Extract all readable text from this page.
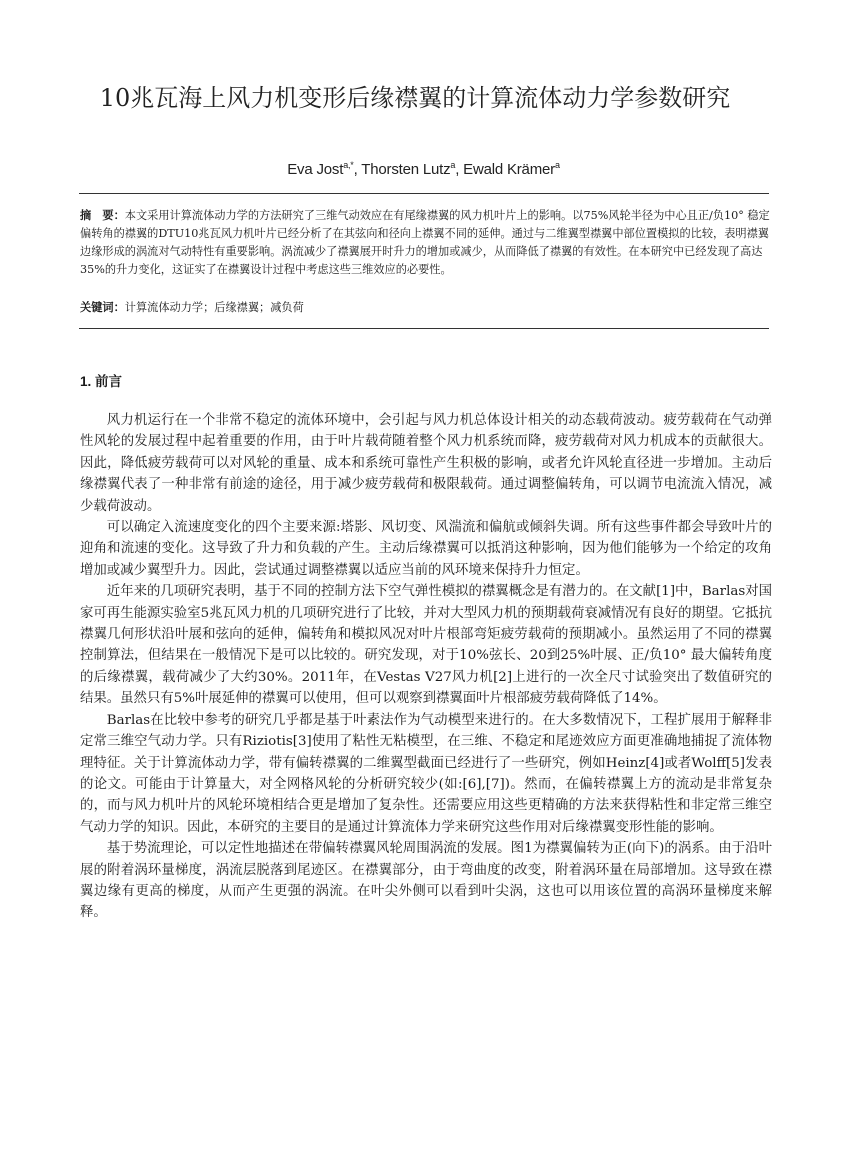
10兆瓦海上风力机变形后缘襟翼的计算流体动力学参数研究
Eva Jost$^{a,*}$, Thorsten Lutz$^a$, Ewald Krämer$^a$
摘　要：本文采用计算流体动力学的方法研究了三维气动效应在有尾缘襟翼的风力机叶片上的影响。以75%风轮半径为中心且正/负10° 稳定偏转角的襟翼的DTU10兆瓦风力机叶片已经分析了在其弦向和径向上襟翼不同的延伸。通过与二维翼型襟翼中部位置模拟的比较，表明襟翼边缘形成的涡流对气动特性有重要影响。涡流减少了襟翼展开时升力的增加或减少，从而降低了襟翼的有效性。在本研究中已经发现了高达35%的升力变化，这证实了在襟翼设计过程中考虑这些三维效应的必要性。
关键词：计算流体动力学；后缘襟翼；减负荷
1. 前言

风力机运行在一个非常不稳定的流体环境中，会引起与风力机总体设计相关的动态载荷波动。疲劳载荷在气动弹性风轮的发展过程中起着重要的作用，由于叶片载荷随着整个风力机系统而降，疲劳载荷对风力机成本的贡献很大。因此，降低疲劳载荷可以对风轮的重量、成本和系统可靠性产生积极的影响，或者允许风轮直径进一步增加。主动后缘襟翼代表了一种非常有前途的途径，用于减少疲劳载荷和极限载荷。通过调整偏转角，可以调节电流流入情况，减少载荷波动。

可以确定入流速度变化的四个主要来源:塔影、风切变、风湍流和偏航或倾斜失调。所有这些事件都会导致叶片的迎角和流速的变化。这导致了升力和负载的产生。主动后缘襟翼可以抵消这种影响，因为他们能够为一个给定的攻角增加或减少翼型升力。因此，尝试通过调整襟翼以适应当前的风环境来保持升力恒定。

近年来的几项研究表明，基于不同的控制方法下空气弹性模拟的襟翼概念是有潜力的。在文献[1]中，Barlas对国家可再生能源实验室5兆瓦风力机的几项研究进行了比较，并对大型风力机的预期载荷衰减情况有良好的期望。它抵抗襟翼几何形状沿叶展和弦向的延伸，偏转角和模拟风况对叶片根部弯矩疲劳载荷的预期减小。虽然运用了不同的襟翼控制算法，但结果在一般情况下是可以比较的。研究发现，对于10%弦长、20到25%叶展、正/负10° 最大偏转角度的后缘襟翼，载荷减少了大约30%。2011年，在Vestas V27风力机[2]上进行的一次全尺寸试验突出了数值研究的结果。虽然只有5%叶展延伸的襟翼可以使用，但可以观察到襟翼面叶片根部疲劳载荷降低了14%。

Barlas在比较中参考的研究几乎都是基于叶素法作为气动模型来进行的。在大多数情况下，工程扩展用于解释非定常三维空气动力学。只有Riziotis[3]使用了粘性无粘模型，在三维、不稳定和尾迹效应方面更准确地捕捉了流体物理特征。关于计算流体动力学，带有偏转襟翼的二维翼型截面已经进行了一些研究，例如Heinz[4]或者Wolff[5]发表的论文。可能由于计算量大，对全网格风轮的分析研究较少(如:[6],[7])。然而，在偏转襟翼上方的流动是非常复杂的，而与风力机叶片的风轮环境相结合更是增加了复杂性。还需要应用这些更精确的方法来获得粘性和非定常三维空气动力学的知识。因此，本研究的主要目的是通过计算流体力学来研究这些作用对后缘襟翼变形性能的影响。

基于势流理论，可以定性地描述在带偏转襟翼风轮周围涡流的发展。图1为襟翼偏转为正(向下)的涡系。由于沿叶展的附着涡环量梯度，涡流层脱落到尾迹区。在襟翼部分，由于弯曲度的改变，附着涡环量在局部增加。这导致在襟翼边缘有更高的梯度，从而产生更强的涡流。在叶尖外侧可以看到叶尖涡，这也可以用该位置的高涡环量梯度来解释。
